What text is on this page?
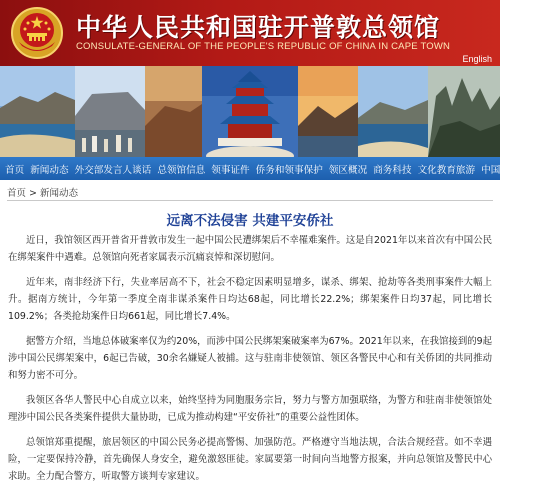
中华人民共和国驻开普敦总领馆
CONSULATE-GENERAL OF THE PEOPLE'S REPUBLIC OF CHINA IN CAPE TOWN
English
首页 新闻动态 外交部发言人谈话 总领馆信息 领事证件 侨务和领事保护 领区概况 商务科技 文化教育旅游 中国一带一路网
首页 > 新闻动态
远离不法侵害 共建平安侨社

近日，我馆领区西开普省开普敦市发生一起中国公民遭绑架后不幸罹难案件。这是自2021年以来首次有中国公民在绑架案件中遇难。总领馆向死者家属表示沉痛哀悼和深切慰问。

近年来，南非经济下行，失业率居高不下，社会不稳定因素明显增多，谋杀、绑架、抢劫等各类刑事案件大幅上升。据南方统计，今年第一季度全南非谋杀案件日均达68起，同比增长22.2%；绑架案件日均37起，同比增长109.2%；各类抢劫案件日均661起，同比增长7.4%。

据警方介绍，当地总体破案率仅为约20%，而涉中国公民绑架案破案率为67%。2021年以来，在我馆接到的9起涉中国公民绑架案中，6起已告破，30余名嫌疑人被捕。这与驻南非使领馆、领区各警民中心和有关侨团的共同推动和努力密不可分。

我领区各华人警民中心自成立以来，始终坚持为同胞服务宗旨，努力与警方加强联络，为警方和驻南非使领馆处理涉中国公民各类案件提供大量协助，已成为推动构建“平安侨社”的重要公益性团体。

总领馆郑重提醒，旅居领区的中国公民务必提高警惕、加强防范。严格遵守当地法规，合法合规经营。如不幸遇险，一定要保持冷静，首先确保人身安全，避免激怒匪徒。家属要第一时间向当地警方报案，并向总领馆及警民中心求助。全力配合警方，听取警方谈判专家建议。
